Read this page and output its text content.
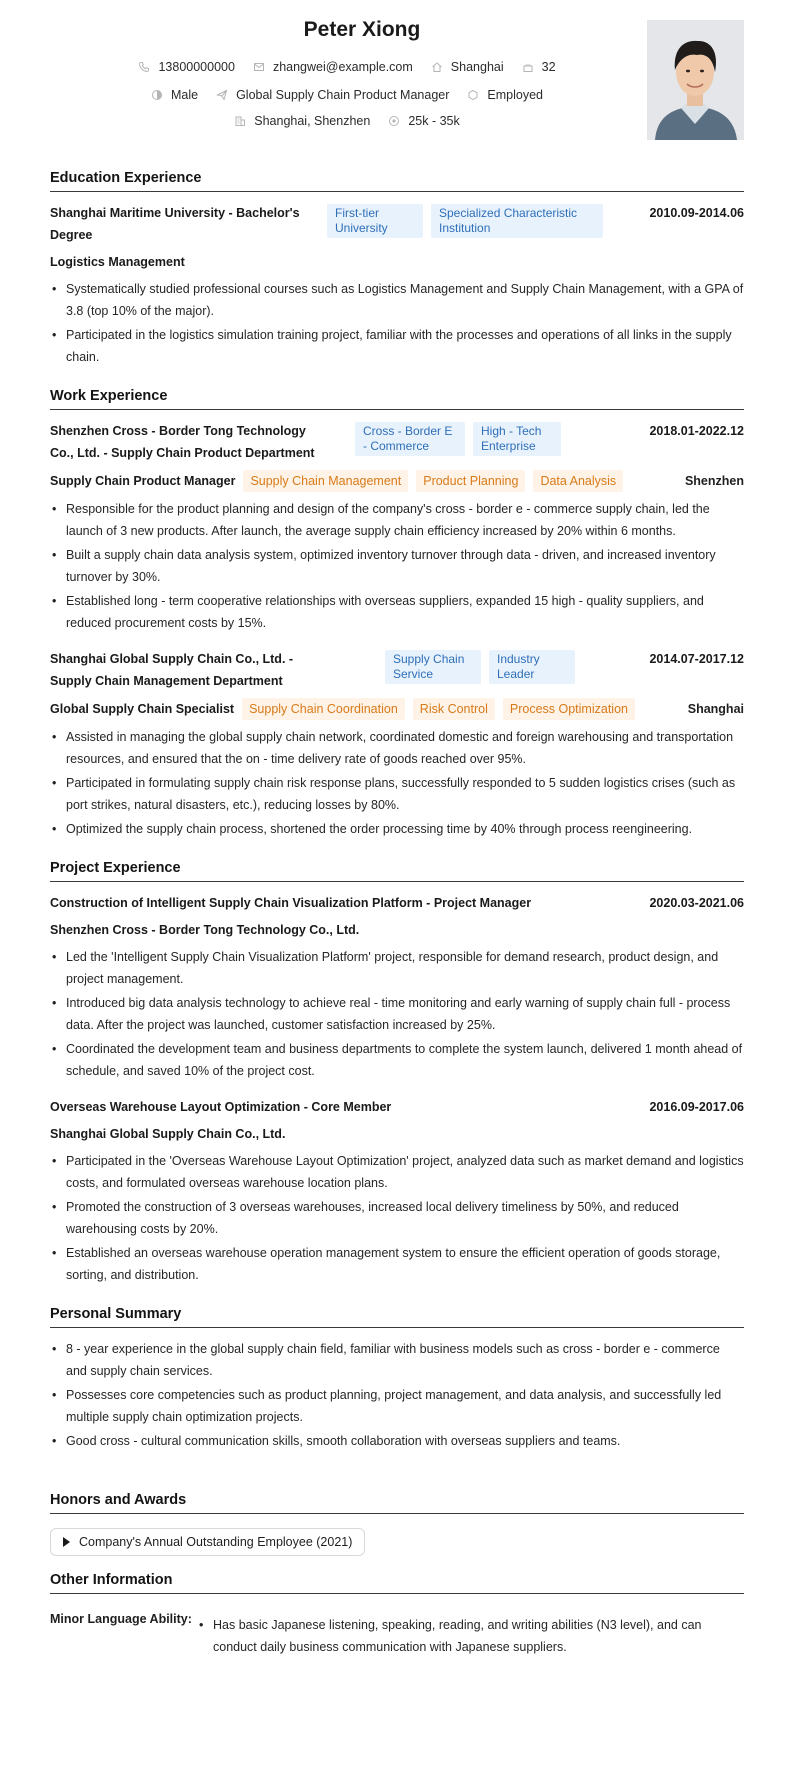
Peter Xiong
13800000000	zhangwei@example.com	Shanghai	32
Male	Global Supply Chain Product Manager	Employed
Shanghai, Shenzhen	25k - 35k
Education Experience
Shanghai Maritime University - Bachelor's Degree
First-tier University
Specialized Characteristic Institution
2010.09-2014.06
Logistics Management
• Systematically studied professional courses such as Logistics Management and Supply Chain Management, with a GPA of 3.8 (top 10% of the major).
• Participated in the logistics simulation training project, familiar with the processes and operations of all links in the supply chain.
Work Experience
Shenzhen Cross - Border Tong Technology Co., Ltd. - Supply Chain Product Department
Cross - Border E - Commerce
High - Tech Enterprise
2018.01-2022.12
Supply Chain Product Manager	Supply Chain Management	Product Planning	Data Analysis	Shenzhen
• Responsible for the product planning and design of the company's cross - border e - commerce supply chain, led the launch of 3 new products. After launch, the average supply chain efficiency increased by 20% within 6 months.
• Built a supply chain data analysis system, optimized inventory turnover through data - driven, and increased inventory turnover by 30%.
• Established long - term cooperative relationships with overseas suppliers, expanded 15 high - quality suppliers, and reduced procurement costs by 15%.
Shanghai Global Supply Chain Co., Ltd. - Supply Chain Management Department
Supply Chain Service
Industry Leader
2014.07-2017.12
Global Supply Chain Specialist	Supply Chain Coordination	Risk Control	Process Optimization	Shanghai
• Assisted in managing the global supply chain network, coordinated domestic and foreign warehousing and transportation resources, and ensured that the on - time delivery rate of goods reached over 95%.
• Participated in formulating supply chain risk response plans, successfully responded to 5 sudden logistics crises (such as port strikes, natural disasters, etc.), reducing losses by 80%.
• Optimized the supply chain process, shortened the order processing time by 40% through process reengineering.
Project Experience
Construction of Intelligent Supply Chain Visualization Platform - Project Manager	2020.03-2021.06
Shenzhen Cross - Border Tong Technology Co., Ltd.
• Led the 'Intelligent Supply Chain Visualization Platform' project, responsible for demand research, product design, and project management.
• Introduced big data analysis technology to achieve real - time monitoring and early warning of supply chain full - process data. After the project was launched, customer satisfaction increased by 25%.
• Coordinated the development team and business departments to complete the system launch, delivered 1 month ahead of schedule, and saved 10% of the project cost.
Overseas Warehouse Layout Optimization - Core Member	2016.09-2017.06
Shanghai Global Supply Chain Co., Ltd.
• Participated in the 'Overseas Warehouse Layout Optimization' project, analyzed data such as market demand and logistics costs, and formulated overseas warehouse location plans.
• Promoted the construction of 3 overseas warehouses, increased local delivery timeliness by 50%, and reduced warehousing costs by 20%.
• Established an overseas warehouse operation management system to ensure the efficient operation of goods storage, sorting, and distribution.
Personal Summary
• 8 - year experience in the global supply chain field, familiar with business models such as cross - border e - commerce and supply chain services.
• Possesses core competencies such as product planning, project management, and data analysis, and successfully led multiple supply chain optimization projects.
• Good cross - cultural communication skills, smooth collaboration with overseas suppliers and teams.
Honors and Awards
Company's Annual Outstanding Employee (2021)
Other Information
Minor Language Ability:
•	Has basic Japanese listening, speaking, reading, and writing abilities (N3 level), and can conduct daily business communication with Japanese suppliers.
